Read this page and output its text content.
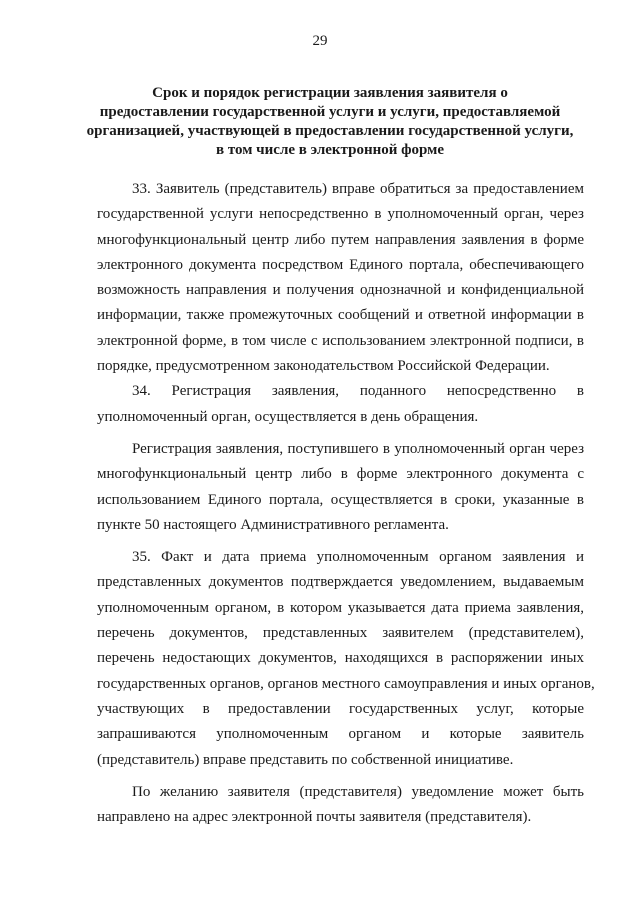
29
Срок и порядок регистрации заявления заявителя о
предоставлении государственной услуги и услуги, предоставляемой
организацией, участвующей в предоставлении государственной услуги,
в том числе в электронной форме
33. Заявитель (представитель) вправе обратиться за предоставлением
государственной услуги непосредственно в уполномоченный орган, через
многофункциональный центр либо путем направления заявления в форме
электронного документа посредством Единого портала, обеспечивающего
возможность направления и получения однозначной и конфиденциальной
информации, также промежуточных сообщений и ответной информации в
электронной форме, в том числе с использованием электронной подписи, в
порядке, предусмотренном законодательством Российской Федерации.
34. Регистрация заявления, поданного непосредственно в
уполномоченный орган, осуществляется в день обращения.
Регистрация заявления, поступившего в уполномоченный орган через
многофункциональный центр либо в форме электронного документа с
использованием Единого портала, осуществляется в сроки, указанные в
пункте 50 настоящего Административного регламента.
35. Факт и дата приема уполномоченным органом заявления и
представленных документов подтверждается уведомлением, выдаваемым
уполномоченным органом, в котором указывается дата приема заявления,
перечень документов, представленных заявителем (представителем),
перечень недостающих документов, находящихся в распоряжении иных
государственных органов, органов местного самоуправления и иных органов,
участвующих в предоставлении государственных услуг, которые
запрашиваются уполномоченным органом и которые заявитель
(представитель) вправе представить по собственной инициативе.
По желанию заявителя (представителя) уведомление может быть
направлено на адрес электронной почты заявителя (представителя).
